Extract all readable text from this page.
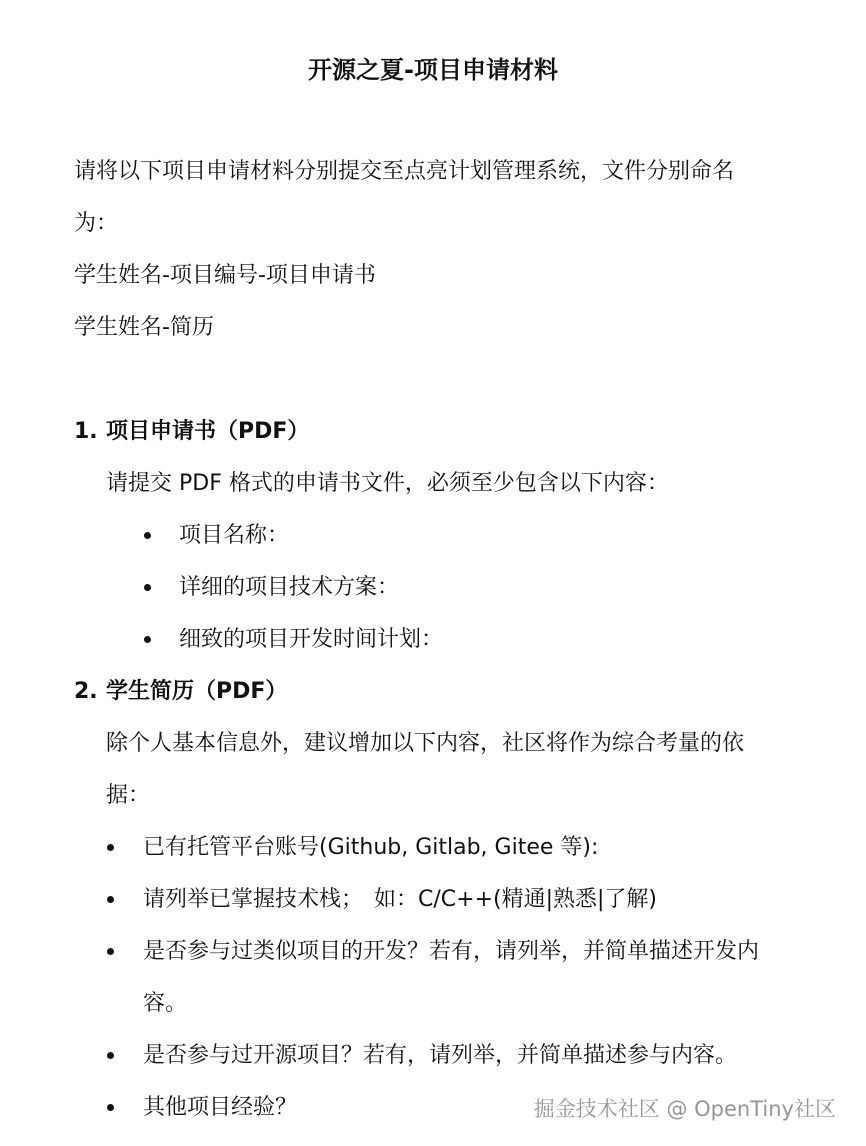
开源之夏-项目申请材料

请将以下项目申请材料分别提交至点亮计划管理系统，文件分别命名为：

学生姓名-项目编号-项目申请书

学生姓名-简历

1. 项目申请书（PDF）

请提交 PDF 格式的申请书文件，必须至少包含以下内容：

项目名称：
详细的项目技术方案：
细致的项目开发时间计划：

2. 学生简历（PDF）

除个人基本信息外，建议增加以下内容，社区将作为综合考量的依据：

已有托管平台账号(Github, Gitlab, Gitee 等):
请列举已掌握技术栈；　如：C/C++(精通|熟悉|了解)
是否参与过类似项目的开发？若有，请列举，并简单描述开发内容。
是否参与过开源项目？若有，请列举，并简单描述参与内容。
其他项目经验？	掘金技术社区 @ OpenTiny社区
